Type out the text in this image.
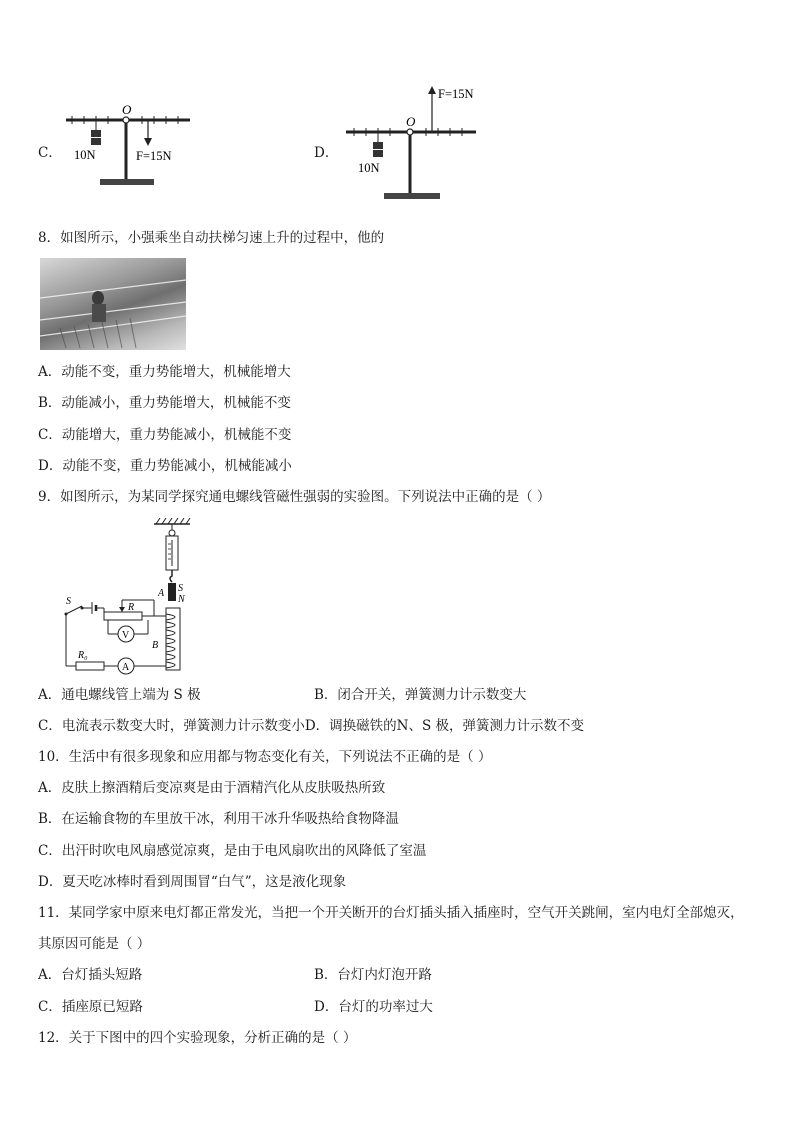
C．
O
10N	F=15N	D．
O
10N
F=15N
8．如图所示，小强乘坐自动扶梯匀速上升的过程中，他的
A．动能不变，重力势能增大，机械能增大
B．动能减小，重力势能增大，机械能不变
C．动能增大，重力势能减小，机械能不变
D．动能不变，重力势能减小，机械能减小
9．如图所示，为某同学探究通电螺线管磁性强弱的实验图。下列说法中正确的是（ ）
S
N
A
B
R₀
A
S
R
V
A．通电螺线管上端为 S 极	B．闭合开关，弹簧测力计示数变大
C．电流表示数变大时，弹簧测力计示数变小D．调换磁铁的N、S 极，弹簧测力计示数不变
10．生活中有很多现象和应用都与物态变化有关，下列说法不正确的是（ ）
A．皮肤上擦酒精后变凉爽是由于酒精汽化从皮肤吸热所致
B．在运输食物的车里放干冰，利用干冰升华吸热给食物降温
C．出汗时吹电风扇感觉凉爽，是由于电风扇吹出的风降低了室温
D．夏天吃冰棒时看到周围冒“白气”，这是液化现象
11．某同学家中原来电灯都正常发光，当把一个开关断开的台灯插头插入插座时，空气开关跳闸，室内电灯全部熄灭，
其原因可能是（ ）
A．台灯插头短路	B．台灯内灯泡开路
C．插座原已短路	D．台灯的功率过大
12．关于下图中的四个实验现象，分析正确的是（ ）
